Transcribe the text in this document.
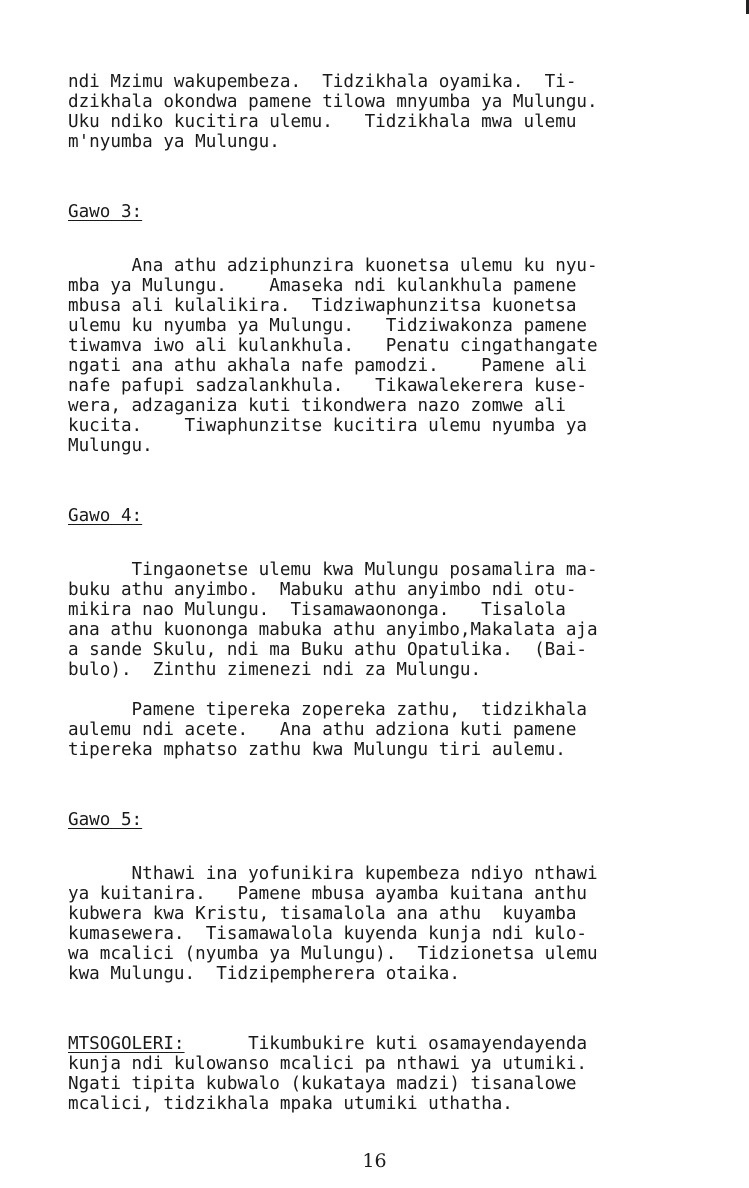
ndi Mzimu wakupembeza.  Tidzikhala oyamika.  Ti-

dzikhala okondwa pamene tilowa mnyumba ya Mulungu.

Uku ndiko kucitira ulemu.   Tidzikhala mwa ulemu

m'nyumba ya Mulungu.

Gawo 3:

Ana athu adziphunzira kuonetsa ulemu ku nyu-

mba ya Mulungu.    Amaseka ndi kulankhula pamene

mbusa ali kulalikira.  Tidziwaphunzitsa kuonetsa

ulemu ku nyumba ya Mulungu.   Tidziwakonza pamene

tiwamva iwo ali kulankhula.   Penatu cingathangate

ngati ana athu akhala nafe pamodzi.    Pamene ali

nafe pafupi sadzalankhula.   Tikawalekerera kuse-

wera, adzaganiza kuti tikondwera nazo zomwe ali

kucita.    Tiwaphunzitse kucitira ulemu nyumba ya

Mulungu.

Gawo 4:

Tingaonetse ulemu kwa Mulungu posamalira ma-

buku athu anyimbo.  Mabuku athu anyimbo ndi otu-

mikira nao Mulungu.  Tisamawaononga.   Tisalola

ana athu kuononga mabuka athu anyimbo,Makalata aja

a sande Skulu, ndi ma Buku athu Opatulika.  (Bai-

bulo).  Zinthu zimenezi ndi za Mulungu.

Pamene tipereka zopereka zathu,  tidzikhala

aulemu ndi acete.   Ana athu adziona kuti pamene

tipereka mphatso zathu kwa Mulungu tiri aulemu.

Gawo 5:

Nthawi ina yofunikira kupembeza ndiyo nthawi

ya kuitanira.   Pamene mbusa ayamba kuitana anthu

kubwera kwa Kristu, tisamalola ana athu  kuyamba

kumasewera.  Tisamawalola kuyenda kunja ndi kulo-

wa mcalici (nyumba ya Mulungu).  Tidzionetsa ulemu

kwa Mulungu.  Tidzipempherera otaika.

MTSOGOLERI:      Tikumbukire kuti osamayendayenda

kunja ndi kulowanso mcalici pa nthawi ya utumiki.

Ngati tipita kubwalo (kukataya madzi) tisanalowe

mcalici, tidzikhala mpaka utumiki uthatha.

16
